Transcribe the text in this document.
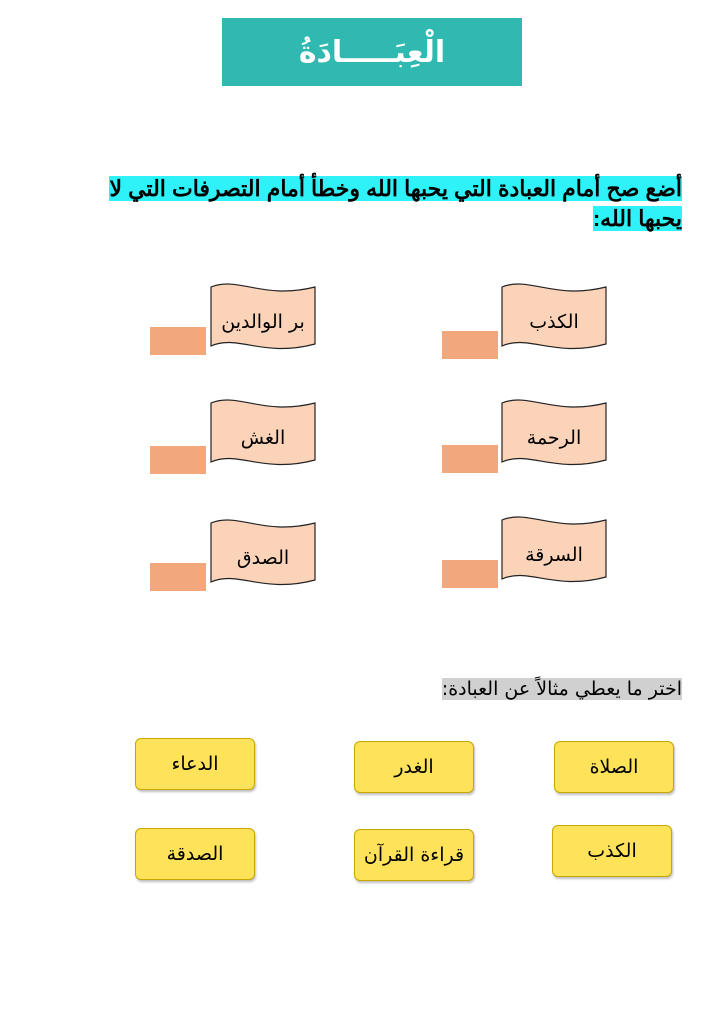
الْعِبَـــــادَةُ
أضع صح أمام العبادة التي يحبها الله وخطأ أمام التصرفات التي لا يحبها الله:
الكذب
بر الوالدين
الرحمة
الغش
السرقة
الصدق
اختر ما يعطي مثالاً عن العبادة:
الصلاة
الغدر
الدعاء
الكذب
قراءة القرآن
الصدقة
